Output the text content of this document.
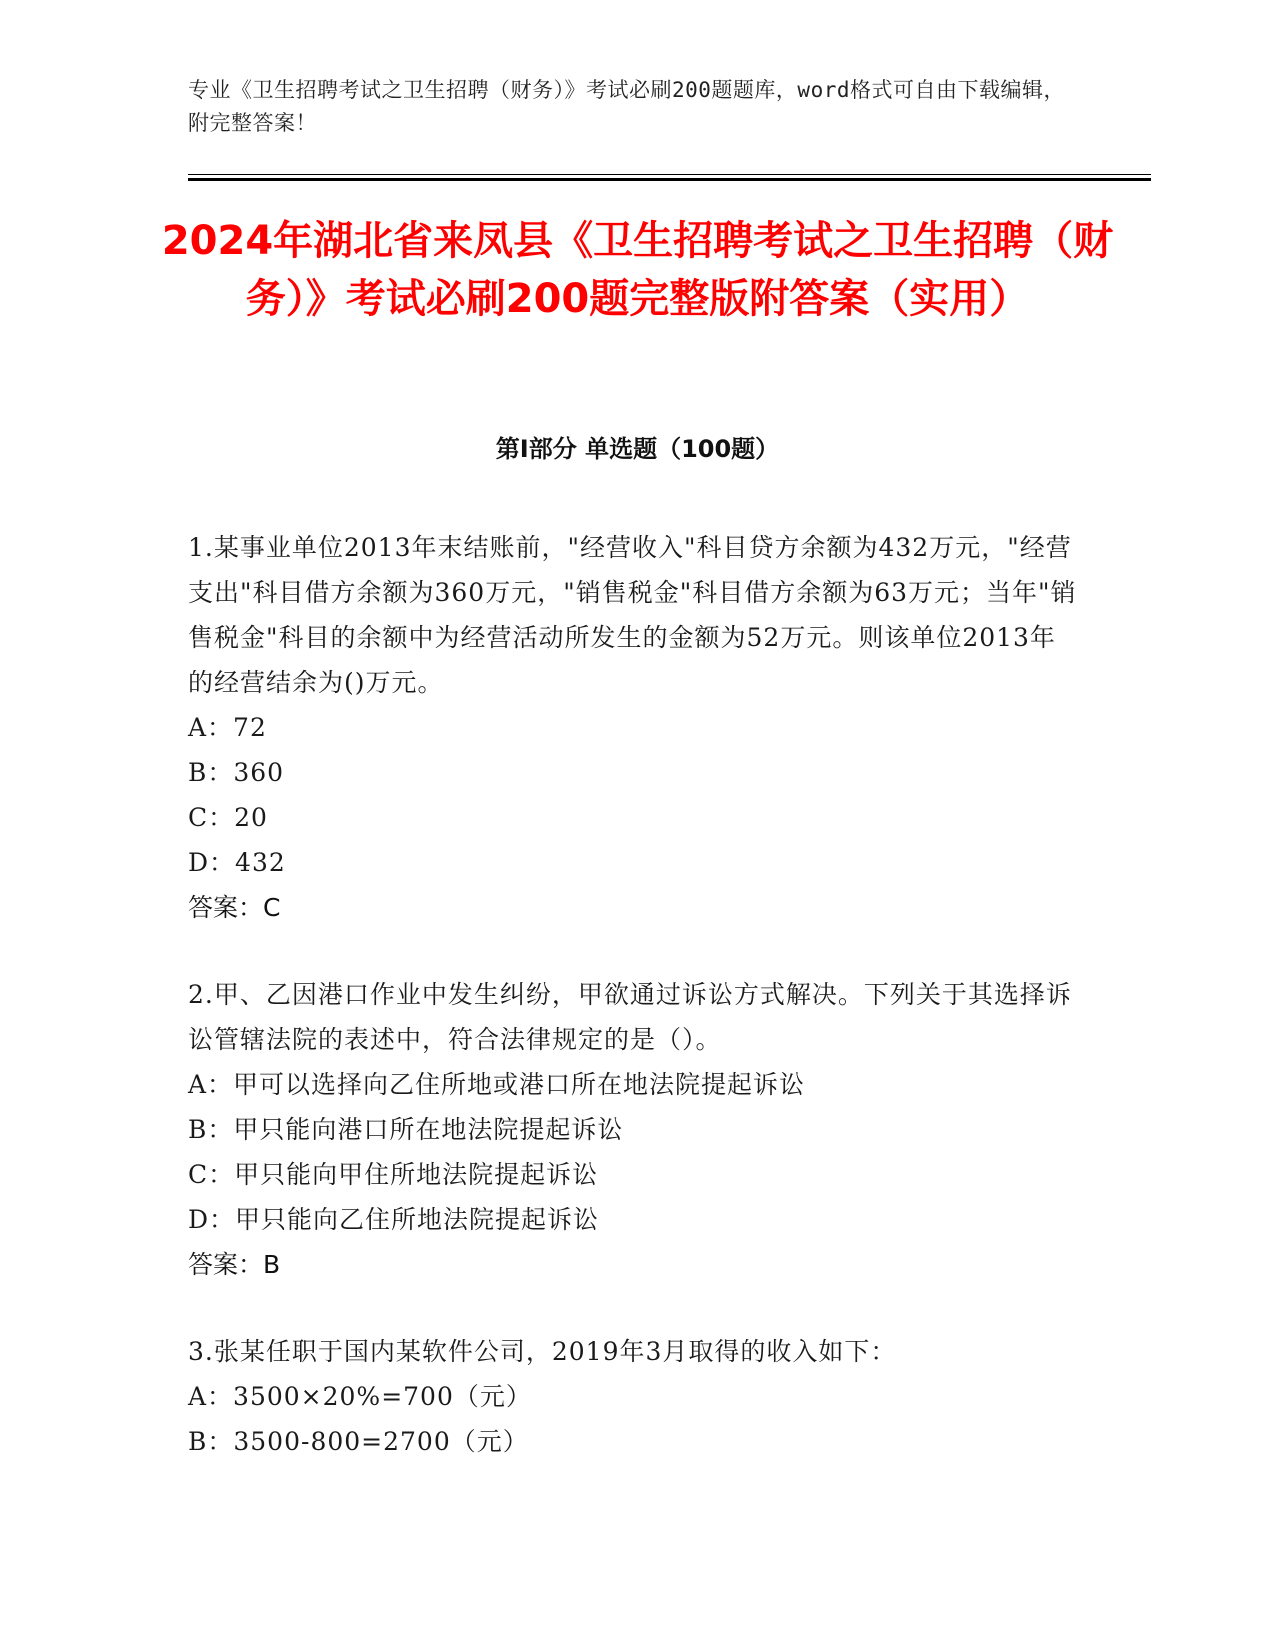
专业《卫生招聘考试之卫生招聘（财务）》考试必刷200题题库，word格式可自由下载编辑，附完整答案！
2024年湖北省来凤县《卫生招聘考试之卫生招聘（财务）》考试必刷200题完整版附答案（实用）
第Ⅰ部分 单选题（100题）
1.某事业单位2013年末结账前，"经营收入"科目贷方余额为432万元，"经营支出"科目借方余额为360万元，"销售税金"科目借方余额为63万元；当年"销售税金"科目的余额中为经营活动所发生的金额为52万元。则该单位2013年的经营结余为()万元。
A：72
B：360
C：20
D：432
答案：C
2.甲、乙因港口作业中发生纠纷，甲欲通过诉讼方式解决。下列关于其选择诉讼管辖法院的表述中，符合法律规定的是（）。
A：甲可以选择向乙住所地或港口所在地法院提起诉讼
B：甲只能向港口所在地法院提起诉讼
C：甲只能向甲住所地法院提起诉讼
D：甲只能向乙住所地法院提起诉讼
答案：B
3.张某任职于国内某软件公司，2019年3月取得的收入如下：
A：3500×20%=700（元）
B：3500-800=2700（元）
